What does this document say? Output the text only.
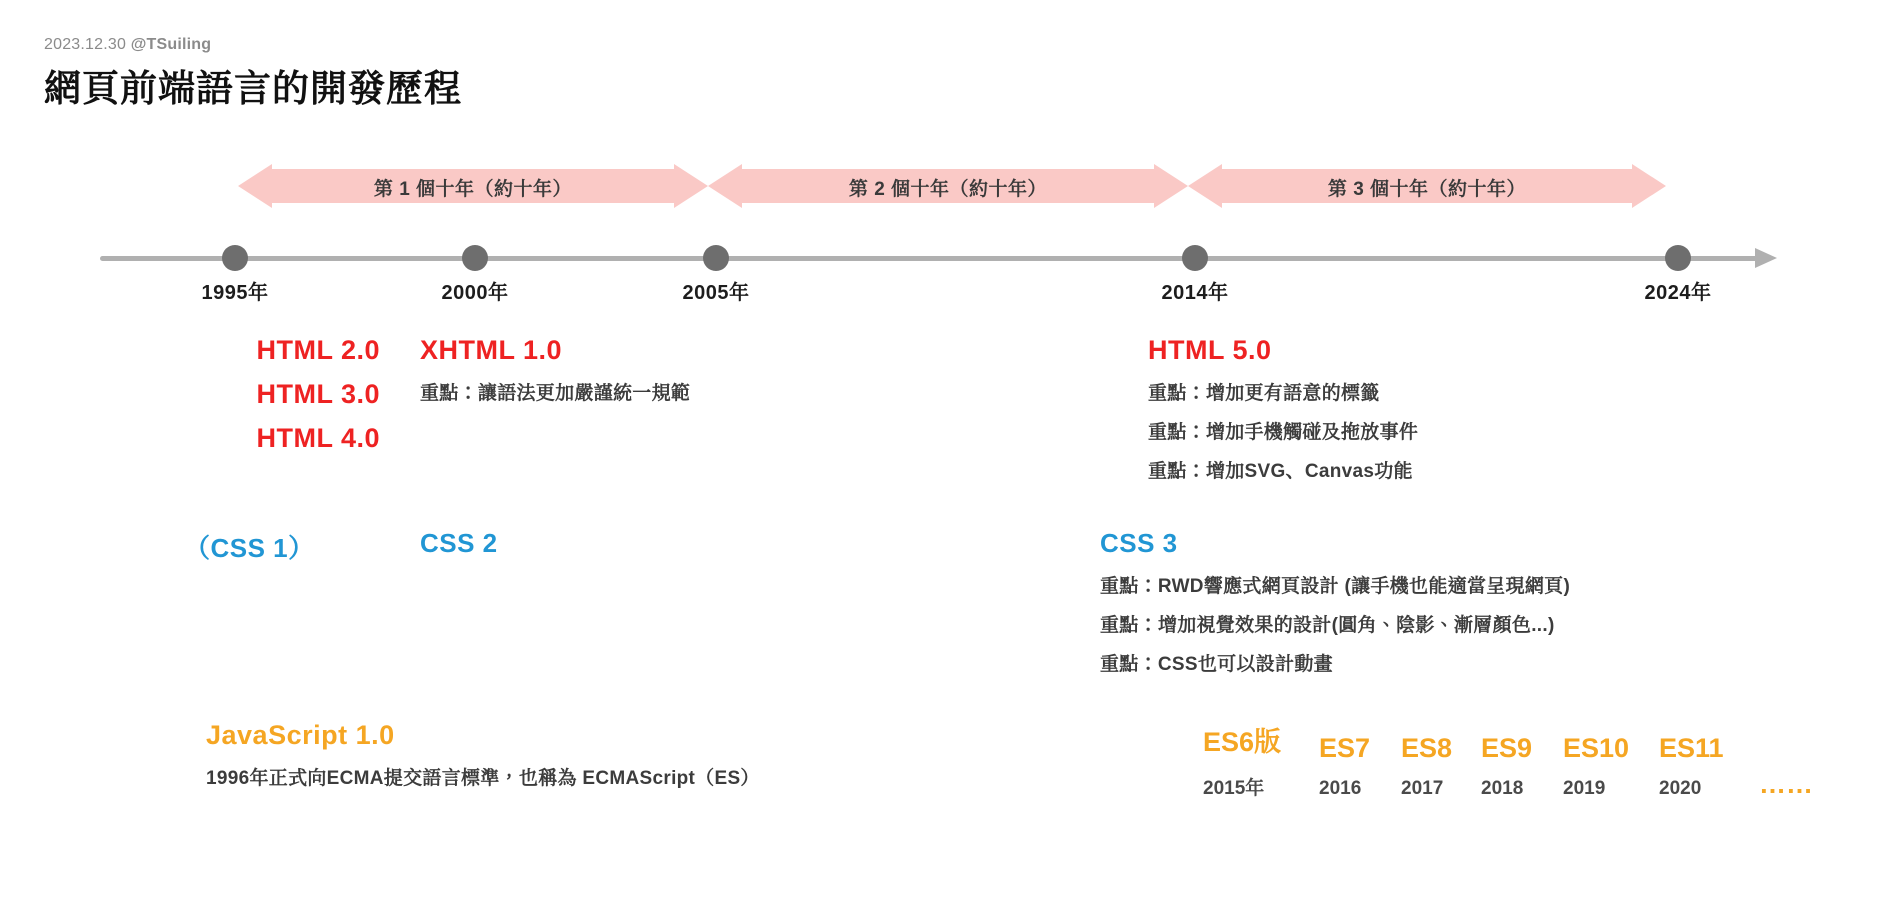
2023.12.30 @TSuiling
網頁前端語言的開發歷程
第 1 個十年（約十年）	第 2 個十年（約十年）	第 3 個十年（約十年）
1995年	2000年	2005年	2014年	2024年
HTML 2.0
HTML 3.0
HTML 4.0
XHTML 1.0
重點：讓語法更加嚴謹統一規範
HTML 5.0
重點：增加更有語意的標籤
重點：增加手機觸碰及拖放事件
重點：增加SVG、Canvas功能
（CSS 1）	CSS 2	CSS 3
重點：RWD響應式網頁設計 (讓手機也能適當呈現網頁)
重點：增加視覺效果的設計(圓角、陰影、漸層顏色...)
重點：CSS也可以設計動畫
JavaScript 1.0
1996年正式向ECMA提交語言標準，也稱為 ECMAScript（ES）
ES6版
2015年
ES7
2016
ES8
2017
ES9
2018
ES10
2019
ES11
2020	……
